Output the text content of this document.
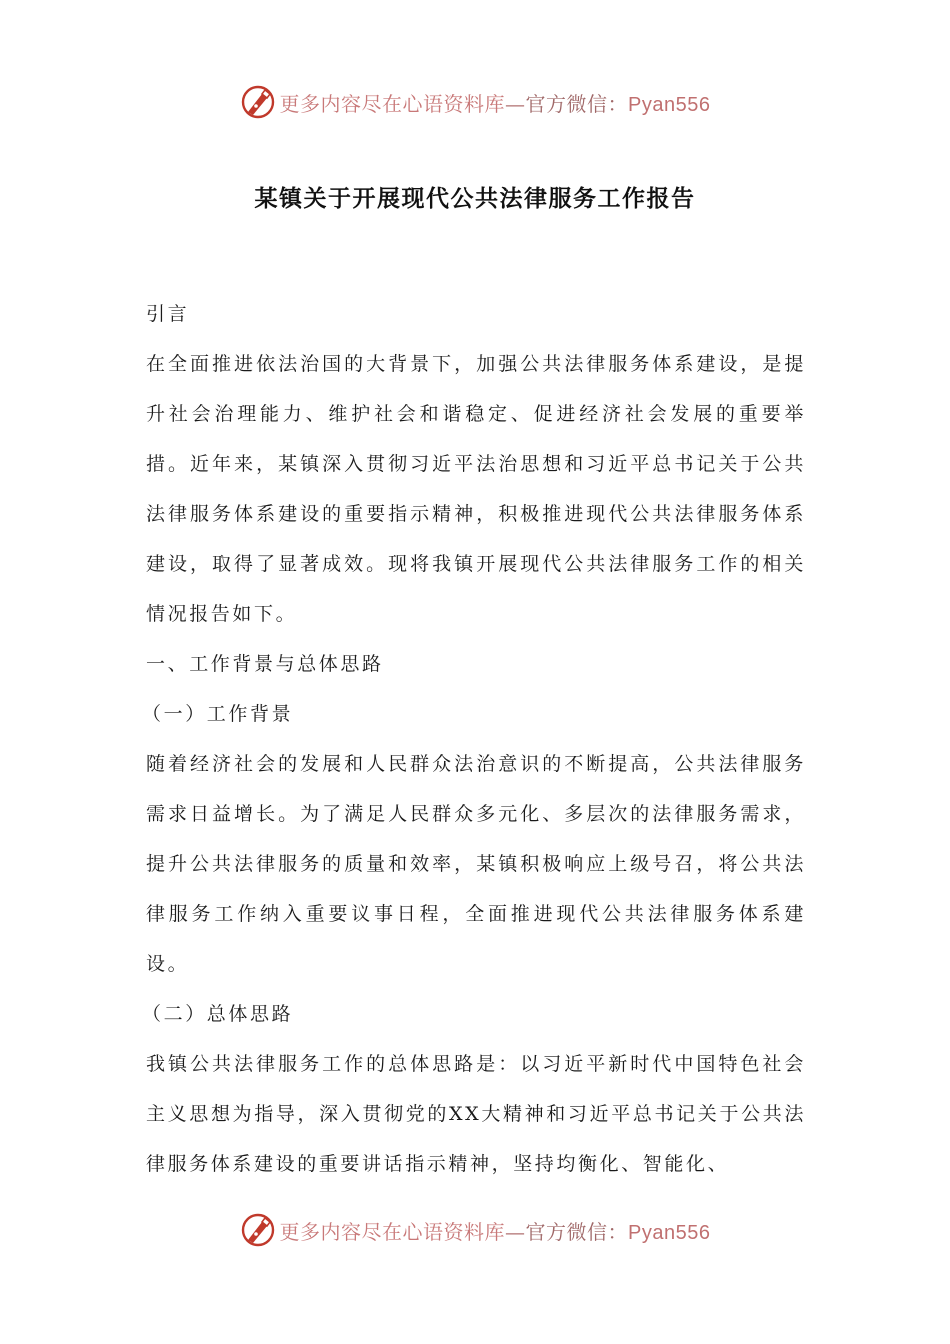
更多内容尽在心语资料库—官方微信：Pyan556
某镇关于开展现代公共法律服务工作报告

引言

在全面推进依法治国的大背景下，加强公共法律服务体系建设，是提升社会治理能力、维护社会和谐稳定、促进经济社会发展的重要举措。近年来，某镇深入贯彻习近平法治思想和习近平总书记关于公共法律服务体系建设的重要指示精神，积极推进现代公共法律服务体系建设，取得了显著成效。现将我镇开展现代公共法律服务工作的相关情况报告如下。

一、工作背景与总体思路

（一）工作背景

随着经济社会的发展和人民群众法治意识的不断提高，公共法律服务需求日益增长。为了满足人民群众多元化、多层次的法律服务需求，提升公共法律服务的质量和效率，某镇积极响应上级号召，将公共法律服务工作纳入重要议事日程，全面推进现代公共法律服务体系建设。

（二）总体思路

我镇公共法律服务工作的总体思路是：以习近平新时代中国特色社会主义思想为指导，深入贯彻党的XX大精神和习近平总书记关于公共法律服务体系建设的重要讲话指示精神，坚持均衡化、智能化、

更多内容尽在心语资料库—官方微信：Pyan556
